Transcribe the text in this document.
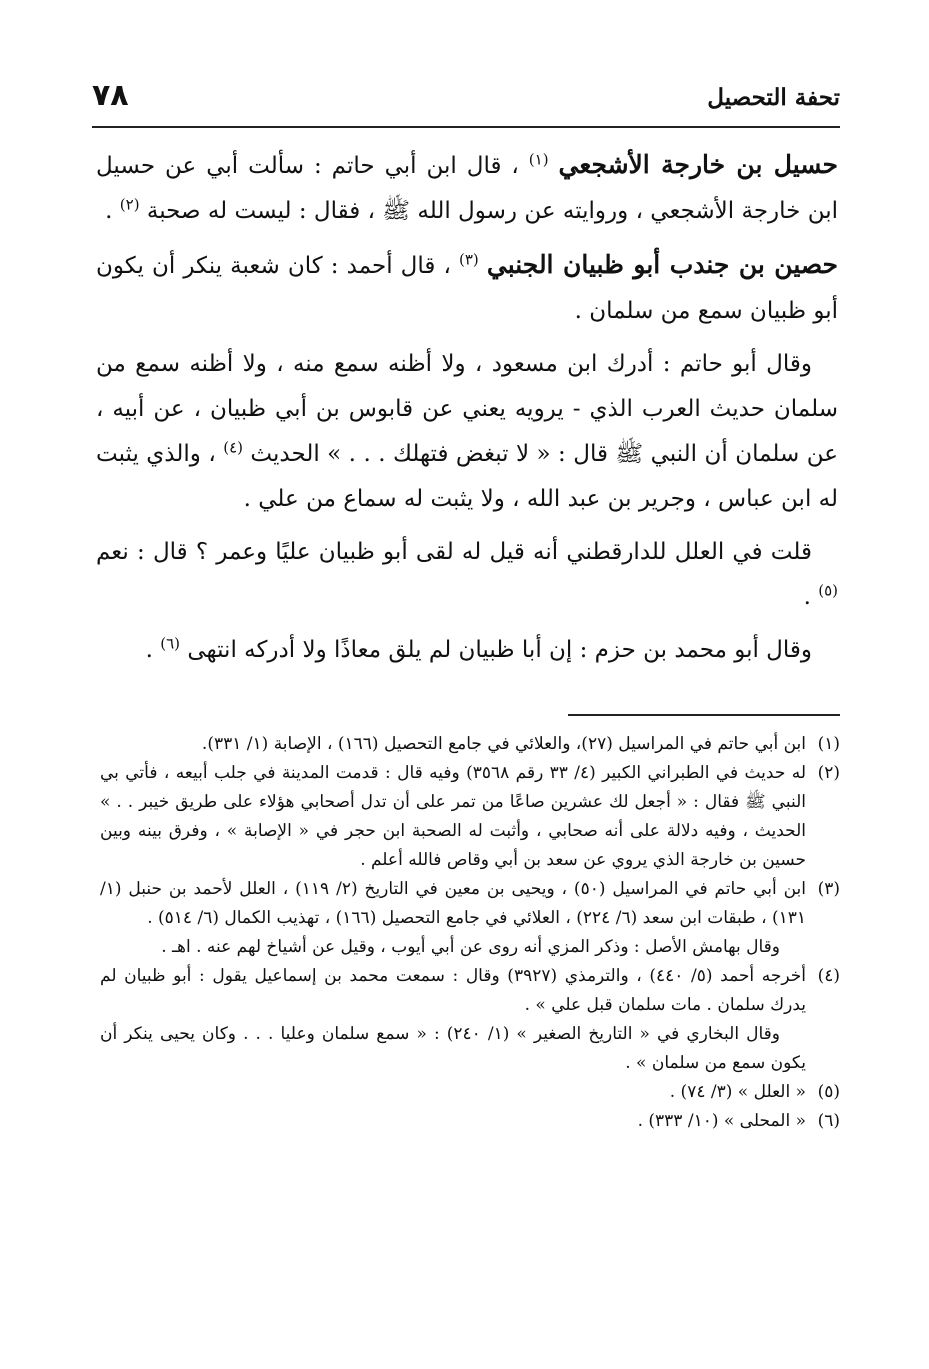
٧٨	تحفة التحصيل

حسيل بن خارجة الأشجعي $^{(١)}$ ، قال ابن أبي حاتم : سألت أبي عن حسيل ابن خارجة الأشجعي ، وروايته عن رسول الله ﷺ ، فقال : ليست له صحبة $^{(٢)}$ .

حصين بن جندب أبو ظبيان الجنبي $^{(٣)}$ ، قال أحمد : كان شعبة ينكر أن يكون أبو ظبيان سمع من سلمان .

وقال أبو حاتم : أدرك ابن مسعود ، ولا أظنه سمع منه ، ولا أظنه سمع من سلمان حديث العرب الذي - يرويه يعني عن قابوس بن أبي ظبيان ، عن أبيه ، عن سلمان أن النبي ﷺ قال : « لا تبغض فتهلك . . . » الحديث $^{(٤)}$ ، والذي يثبت له ابن عباس ، وجرير بن عبد الله ، ولا يثبت له سماع من علي .

قلت في العلل للدارقطني أنه قيل له لقى أبو ظبيان عليًا وعمر ؟ قال : نعم $^{(٥)}$ .

وقال أبو محمد بن حزم : إن أبا ظبيان لم يلق معاذًا ولا أدركه انتهى $^{(٦)}$ .

(١)ابن أبي حاتم في المراسيل (٢٧)، والعلائي في جامع التحصيل (١٦٦) ، الإصابة (١/ ٣٣١).

(٢)له حديث في الطبراني الكبير (٤/ ٣٣ رقم ٣٥٦٨) وفيه قال : قدمت المدينة في جلب أبيعه ، فأتي بي النبي ﷺ فقال : « أجعل لك عشرين صاعًا من تمر على أن تدل أصحابي هؤلاء على طريق خيبر . . » الحديث ، وفيه دلالة على أنه صحابي ، وأثبت له الصحبة ابن حجر في « الإصابة » ، وفرق بينه وبين حسين بن خارجة الذي يروي عن سعد بن أبي وقاص فالله أعلم .

(٣)ابن أبي حاتم في المراسيل (٥٠) ، ويحيى بن معين في التاريخ (٢/ ١١٩) ، العلل لأحمد بن حنبل (١/ ١٣١) ، طبقات ابن سعد (٦/ ٢٢٤) ، العلائي في جامع التحصيل (١٦٦) ، تهذيب الكمال (٦/ ٥١٤) .

وقال بهامش الأصل : وذكر المزي أنه روى عن أبي أيوب ، وقيل عن أشياخ لهم عنه . اهـ .

(٤)أخرجه أحمد (٥/ ٤٤٠) ، والترمذي (٣٩٢٧) وقال : سمعت محمد بن إسماعيل يقول : أبو ظبيان لم يدرك سلمان . مات سلمان قبل علي » .

وقال البخاري في « التاريخ الصغير » (١/ ٢٤٠) : « سمع سلمان وعليا . . . وكان يحيى ينكر أن يكون سمع من سلمان » .

(٥)« العلل » (٣/ ٧٤) .

(٦)« المحلى » (١٠/ ٣٣٣) .
